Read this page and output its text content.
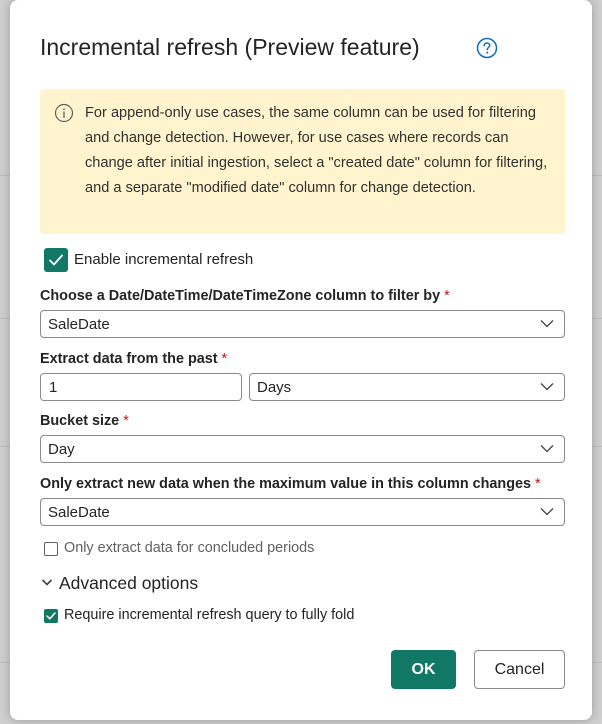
Incremental refresh (Preview feature)
For append-only use cases, the same column can be used for filtering and change detection. However, for use cases where records can change after initial ingestion, select a "created date" column for filtering, and a separate "modified date" column for change detection.
Enable incremental refresh
Choose a Date/DateTime/DateTimeZone column to filter by *
SaleDate
Extract data from the past *
1	Days
Bucket size *
Day
Only extract new data when the maximum value in this column changes *
SaleDate
Only extract data for concluded periods
Advanced options
Require incremental refresh query to fully fold
OK	Cancel
